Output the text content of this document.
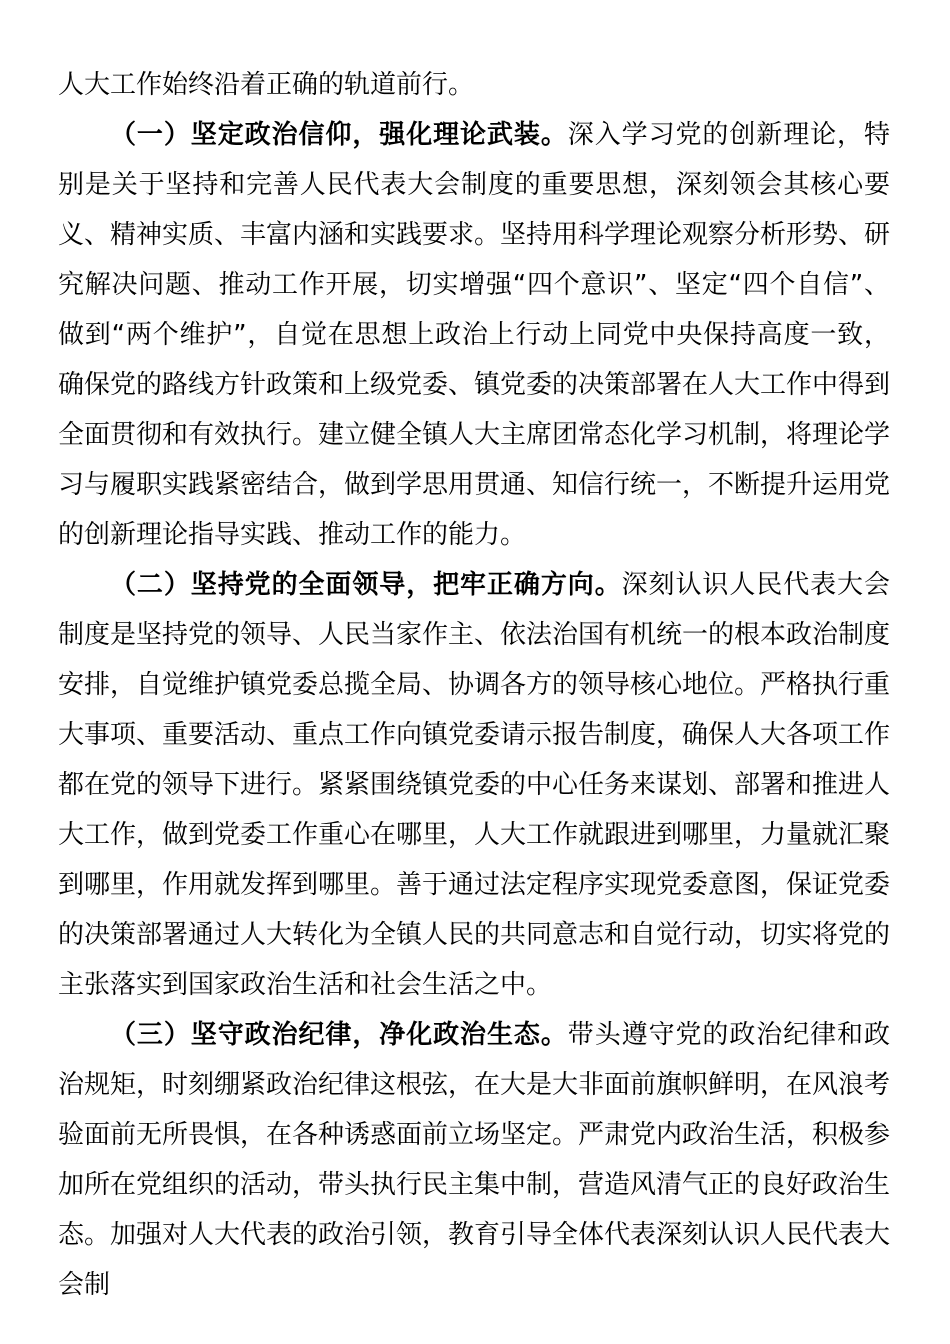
人大工作始终沿着正确的轨道前行。

（一）坚定政治信仰，强化理论武装。深入学习党的创新理论，特别是关于坚持和完善人民代表大会制度的重要思想，深刻领会其核心要义、精神实质、丰富内涵和实践要求。坚持用科学理论观察分析形势、研究解决问题、推动工作开展，切实增强“四个意识”、坚定“四个自信”、做到“两个维护”，自觉在思想上政治上行动上同党中央保持高度一致，确保党的路线方针政策和上级党委、镇党委的决策部署在人大工作中得到全面贯彻和有效执行。建立健全镇人大主席团常态化学习机制，将理论学习与履职实践紧密结合，做到学思用贯通、知信行统一，不断提升运用党的创新理论指导实践、推动工作的能力。

（二）坚持党的全面领导，把牢正确方向。深刻认识人民代表大会制度是坚持党的领导、人民当家作主、依法治国有机统一的根本政治制度安排，自觉维护镇党委总揽全局、协调各方的领导核心地位。严格执行重大事项、重要活动、重点工作向镇党委请示报告制度，确保人大各项工作都在党的领导下进行。紧紧围绕镇党委的中心任务来谋划、部署和推进人大工作，做到党委工作重心在哪里，人大工作就跟进到哪里，力量就汇聚到哪里，作用就发挥到哪里。善于通过法定程序实现党委意图，保证党委的决策部署通过人大转化为全镇人民的共同意志和自觉行动，切实将党的主张落实到国家政治生活和社会生活之中。

（三）坚守政治纪律，净化政治生态。带头遵守党的政治纪律和政治规矩，时刻绷紧政治纪律这根弦，在大是大非面前旗帜鲜明，在风浪考验面前无所畏惧，在各种诱惑面前立场坚定。严肃党内政治生活，积极参加所在党组织的活动，带头执行民主集中制，营造风清气正的良好政治生态。加强对人大代表的政治引领，教育引导全体代表深刻认识人民代表大会制
